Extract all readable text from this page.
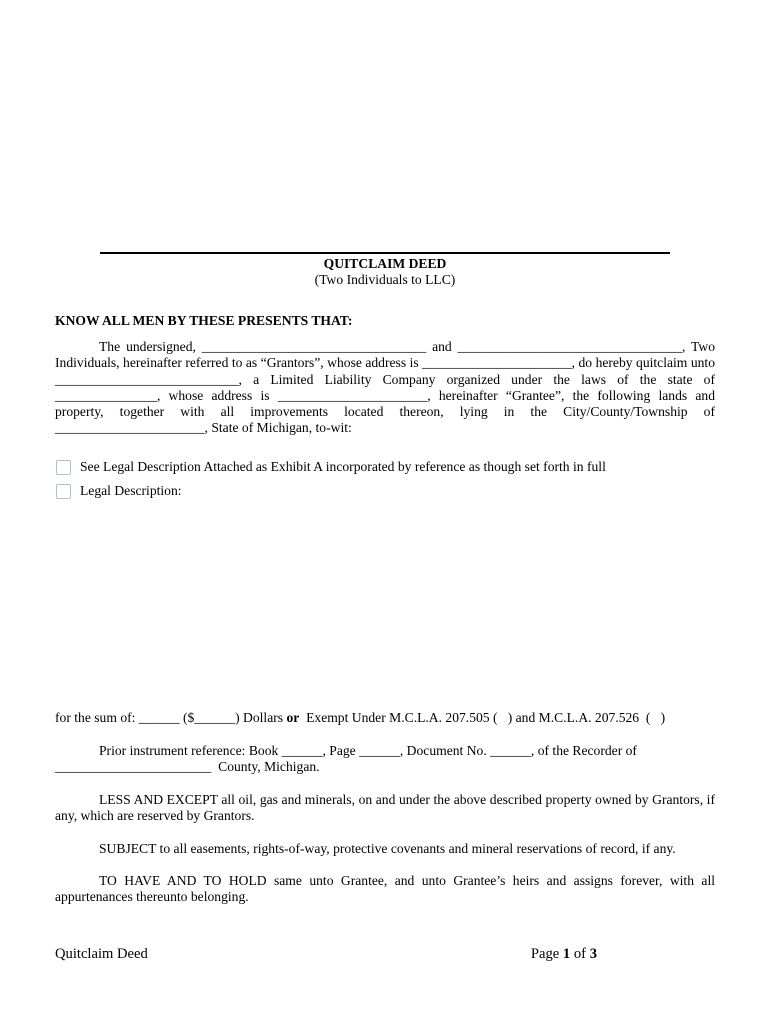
QUITCLAIM DEED
(Two Individuals to LLC)
KNOW ALL MEN BY THESE PRESENTS THAT:

The undersigned, _________________________________ and _________________________________, Two Individuals, hereinafter referred to as “Grantors”, whose address is ______________________, do hereby quitclaim unto ___________________________, a Limited Liability Company organized under the laws of the state of _______________, whose address is ______________________, hereinafter “Grantee”, the following lands and property, together with all improvements located thereon, lying in the City/County/Township of ______________________, State of Michigan, to-wit:

See Legal Description Attached as Exhibit A incorporated by reference as though set forth in full
Legal Description:
for the sum of: ______ ($______) Dollars or  Exempt Under M.C.L.A. 207.505 (   ) and M.C.L.A. 207.526  (   )
Prior instrument reference: Book ______, Page ______, Document No. ______, of the Recorder of
_______________________  County, Michigan.

LESS AND EXCEPT all oil, gas and minerals, on and under the above described property owned by Grantors, if any, which are reserved by Grantors.

SUBJECT to all easements, rights-of-way, protective covenants and mineral reservations of record, if any.

TO HAVE AND TO HOLD same unto Grantee, and unto Grantee’s heirs and assigns forever, with all appurtenances thereunto belonging.

Quitclaim Deed	Page 1 of 3
